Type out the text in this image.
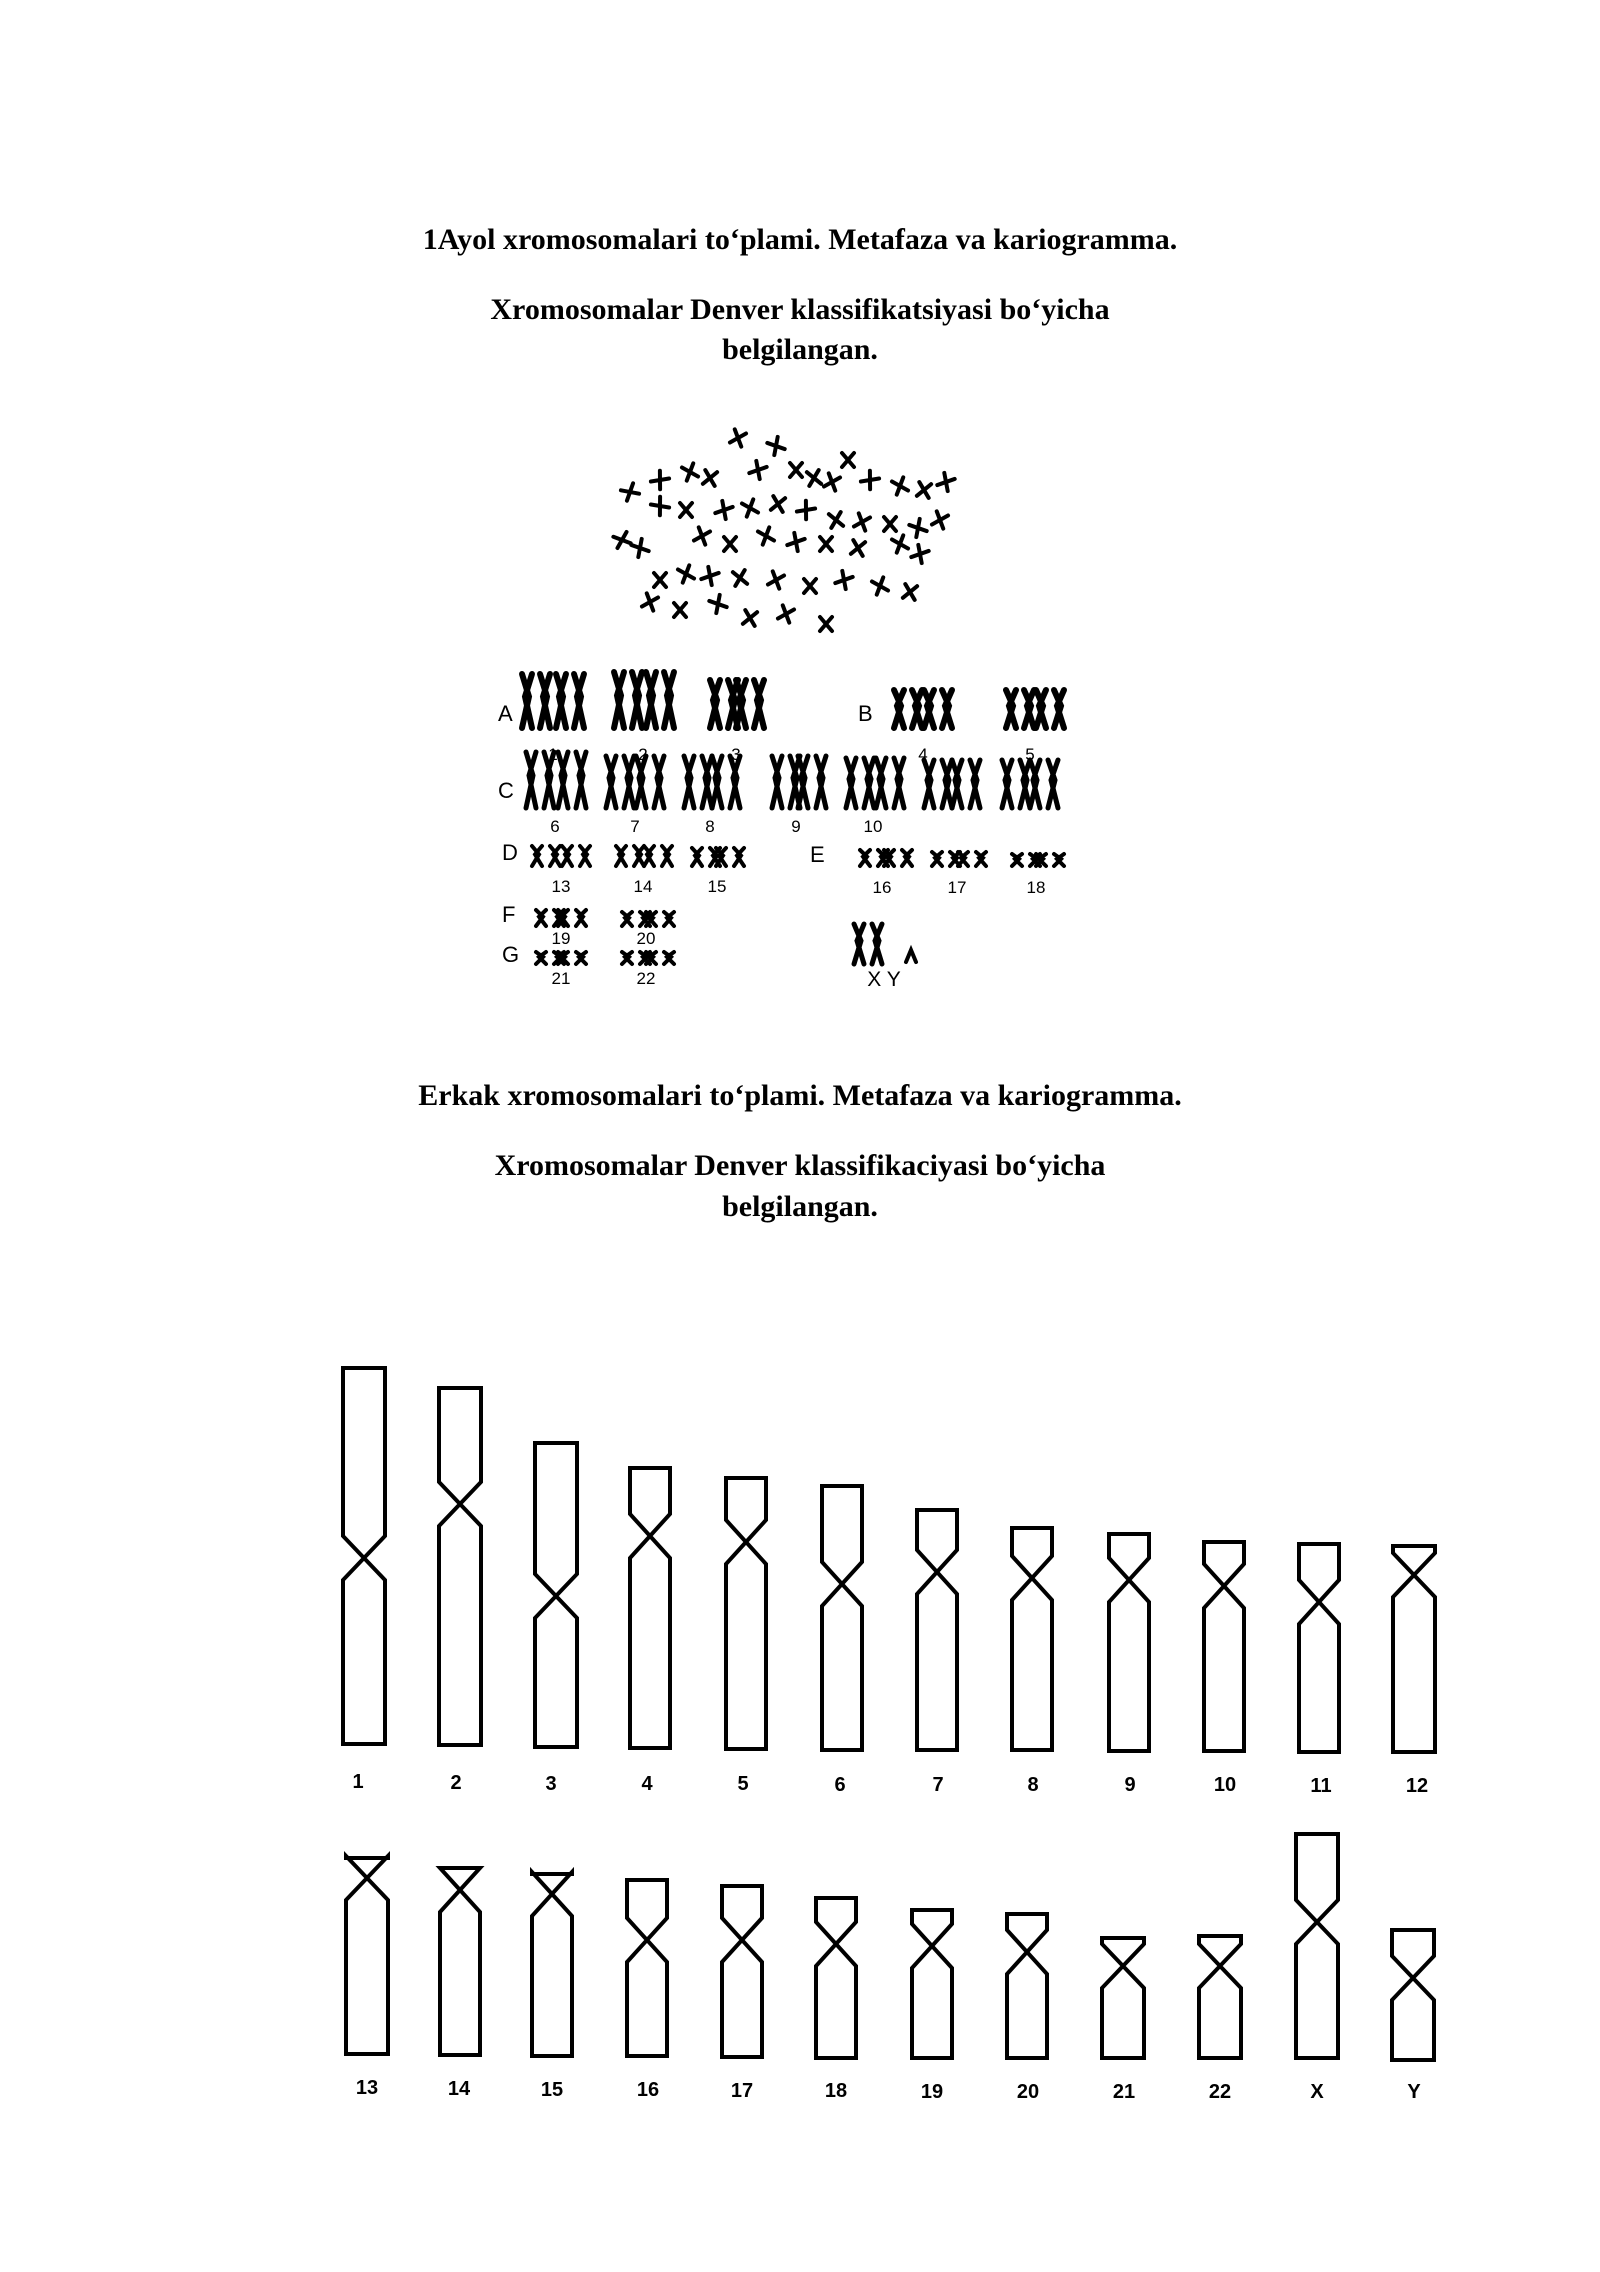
1Ayol xromosomalari to‘plami. Metafaza va kariogramma.
Xromosomalar Denver klassifikatsiyasi bo‘yicha
belgilangan.
A	B
C
D	E
F
G
1	2	3	4	5
6	7	8	9	10
13	14	15	16	17	18
19	20
21	22	X Y
Erkak xromosomalari to‘plami. Metafaza va kariogramma.
Xromosomalar Denver klassifikaciyasi bo‘yicha
belgilangan.
1	2	3	4	5	6	7	8	9	10	11	12
13	14	15	16	17	18	19	20	21	22	X	Y
